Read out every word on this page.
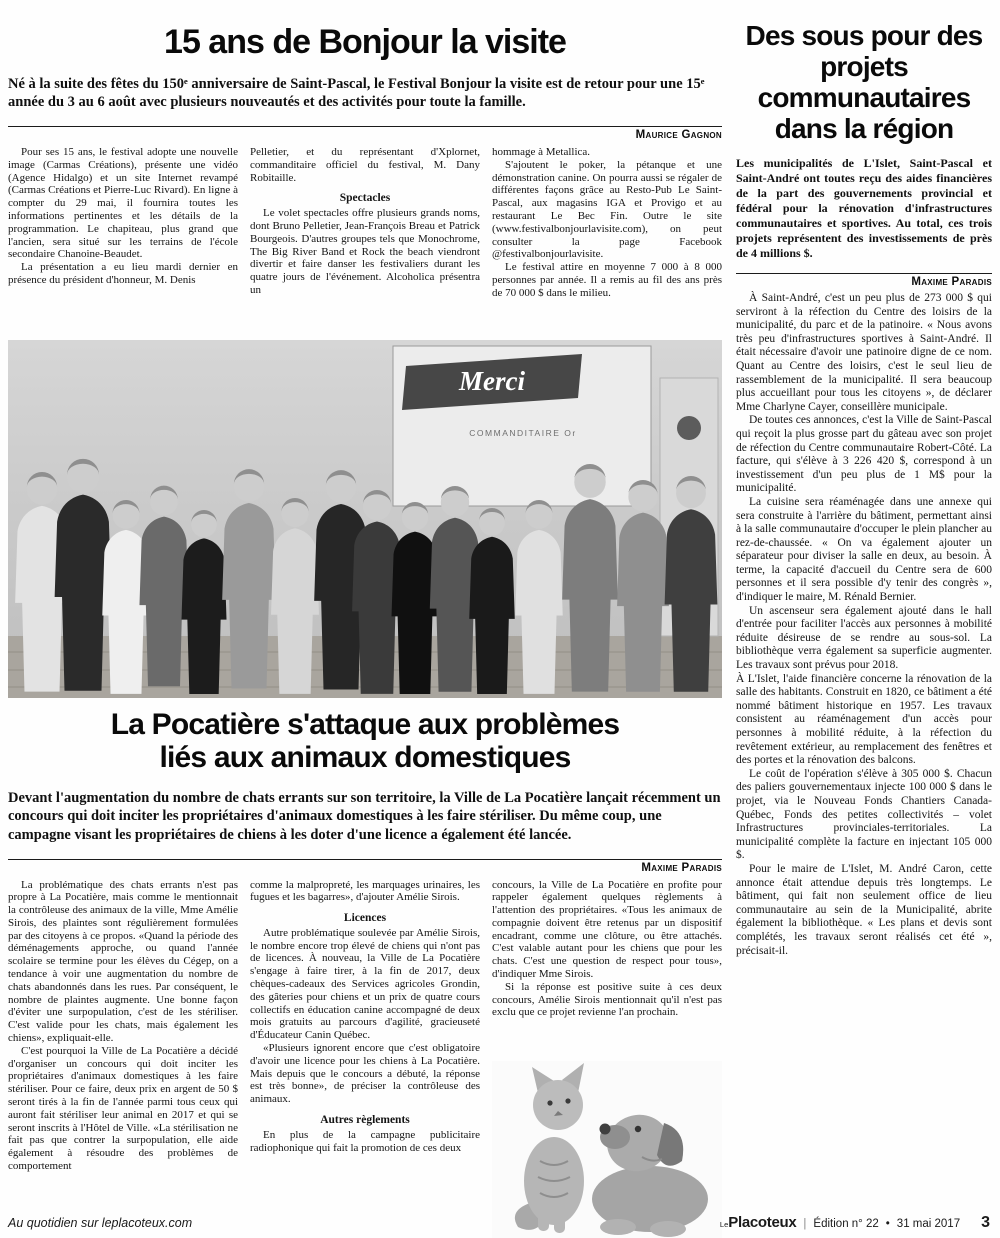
15 ans de Bonjour la visite

Né à la suite des fêtes du 150ᵉ anniversaire de Saint-Pascal, le Festival Bonjour la visite est de retour pour une 15ᵉ année du 3 au 6 août avec plusieurs nouveautés et des activités pour toute la famille.

Maurice Gagnon

Pour ses 15 ans, le festival adopte une nouvelle image (Carmas Créations), présente une vidéo (Agence Hidalgo) et un site Internet revampé (Carmas Créations et Pierre-Luc Rivard). En ligne à compter du 29 mai, il fournira toutes les informations pertinentes et les détails de la programmation. Le chapiteau, plus grand que l'ancien, sera situé sur les terrains de l'école secondaire Chanoine-Beaudet.

La présentation a eu lieu mardi dernier en présence du président d'honneur, M. Denis

Pelletier, et du représentant d'Xplornet, commanditaire officiel du festival, M. Dany Robitaille.

Spectacles

Le volet spectacles offre plusieurs grands noms, dont Bruno Pelletier, Jean-François Breau et Patrick Bourgeois. D'autres groupes tels que Monochrome, The Big River Band et Rock the beach viendront divertir et faire danser les festivaliers durant les quatre jours de l'événement. Alcoholica présentra un

hommage à Metallica.

S'ajoutent le poker, la pétanque et une démonstration canine. On pourra aussi se régaler de différentes façons grâce au Resto-Pub Le Saint-Pascal, aux magasins IGA et Provigo et au restaurant Le Bec Fin. Outre le site (www.festivalbonjourlavisite.com), on peut consulter la page Facebook @festivalbonjourlavisite.

Le festival attire en moyenne 7 000 à 8 000 personnes par année. Il a remis au fil des ans près de 70 000 $ dans le milieu.

Merci
COMMANDITAIRE Or
La Pocatière s'attaque aux problèmes
liés aux animaux domestiques

Devant l'augmentation du nombre de chats errants sur son territoire, la Ville de La Pocatière lançait récemment un concours qui doit inciter les propriétaires d'animaux domestiques à les faire stériliser. Du même coup, une campagne visant les propriétaires de chiens à les doter d'une licence a également été lancée.

Maxime Paradis

La problématique des chats errants n'est pas propre à La Pocatière, mais comme le mentionnait la contrôleuse des animaux de la ville, Mme Amélie Sirois, des plaintes sont régulièrement formulées par des citoyens à ce propos. «Quand la période des déménagements approche, ou quand l'année scolaire se termine pour les élèves du Cégep, on a tendance à voir une augmentation du nombre de chats abandonnés dans les rues. Par conséquent, le nombre de plaintes augmente. Une bonne façon d'éviter une surpopulation, c'est de les stériliser. C'est valide pour les chats, mais également les chiens», expliquait-elle.

C'est pourquoi la Ville de La Pocatière a décidé d'organiser un concours qui doit inciter les propriétaires d'animaux domestiques à les faire stériliser. Pour ce faire, deux prix en argent de 50 $ seront tirés à la fin de l'année parmi tous ceux qui auront fait stériliser leur animal en 2017 et qui se seront inscrits à l'Hôtel de Ville. «La stérilisation ne fait pas que contrer la surpopulation, elle aide également à résoudre des problèmes de comportement

comme la malpropreté, les marquages urinaires, les fugues et les bagarres», d'ajouter Amélie Sirois.

Licences

Autre problématique soulevée par Amélie Sirois, le nombre encore trop élevé de chiens qui n'ont pas de licences. À nouveau, la Ville de La Pocatière s'engage à faire tirer, à la fin de 2017, deux chèques-cadeaux des Services agricoles Grondin, des gâteries pour chiens et un prix de quatre cours collectifs en éducation canine accompagné de deux mois gratuits au parcours d'agilité, gracieuseté d'Éducateur Canin Québec.

«Plusieurs ignorent encore que c'est obligatoire d'avoir une licence pour les chiens à La Pocatière. Mais depuis que le concours a débuté, la réponse est très bonne», de préciser la contrôleuse des animaux.

Autres règlements

En plus de la campagne publicitaire radiophonique qui fait la promotion de ces deux

concours, la Ville de La Pocatière en profite pour rappeler également quelques règlements à l'attention des propriétaires. «Tous les animaux de compagnie doivent être retenus par un dispositif encadrant, comme une clôture, ou être attachés. C'est valable autant pour les chiens que pour les chats. C'est une question de respect pour tous», d'indiquer Mme Sirois.

Si la réponse est positive suite à ces deux concours, Amélie Sirois mentionnait qu'il n'est pas exclu que ce projet revienne l'an prochain.

Des sous pour des projets communautaires dans la région

Les municipalités de L'Islet, Saint-Pascal et Saint-André ont toutes reçu des aides financières de la part des gouvernements provincial et fédéral pour la rénovation d'infrastructures communautaires et sportives. Au total, ces trois projets représentent des investissements de près de 4 millions $.

Maxime Paradis

À Saint-André, c'est un peu plus de 273 000 $ qui serviront à la réfection du Centre des loisirs de la municipalité, du parc et de la patinoire. « Nous avons très peu d'infrastructures sportives à Saint-André. Il était nécessaire d'avoir une patinoire digne de ce nom. Quant au Centre des loisirs, c'est le seul lieu de rassemblement de la municipalité. Il sera beaucoup plus accueillant pour tous les citoyens », de déclarer Mme Charlyne Cayer, conseillère municipale.

De toutes ces annonces, c'est la Ville de Saint-Pascal qui reçoit la plus grosse part du gâteau avec son projet de réfection du Centre communautaire Robert-Côté. La facture, qui s'élève à 3 226 420 $, correspond à un investissement d'un peu plus de 1 M$ pour la municipalité.

La cuisine sera réaménagée dans une annexe qui sera construite à l'arrière du bâtiment, permettant ainsi à la salle communautaire d'occuper le plein plancher au rez-de-chaussée. « On va également ajouter un séparateur pour diviser la salle en deux, au besoin. À terme, la capacité d'accueil du Centre sera de 600 personnes et il sera possible d'y tenir des congrès », d'indiquer le maire, M. Rénald Bernier.

Un ascenseur sera également ajouté dans le hall d'entrée pour faciliter l'accès aux personnes à mobilité réduite désireuse de se rendre au sous-sol. La bibliothèque verra également sa superficie augmenter. Les travaux sont prévus pour 2018.

À L'Islet, l'aide financière concerne la rénovation de la salle des habitants. Construit en 1820, ce bâtiment a été nommé bâtiment historique en 1957. Les travaux consistent au réaménagement d'un accès pour personnes à mobilité réduite, à la réfection du revêtement extérieur, au remplacement des fenêtres et des portes et la rénovation des balcons.

Le coût de l'opération s'élève à 305 000 $. Chacun des paliers gouvernementaux injecte 100 000 $ dans le projet, via le Nouveau Fonds Chantiers Canada-Québec, Fonds des petites collectivités – volet Infrastructures provinciales-territoriales. La municipalité complète la facture en injectant 105 000 $.

Pour le maire de L'Islet, M. André Caron, cette annonce était attendue depuis très longtemps. Le bâtiment, qui fait non seulement office de lieu communautaire au sein de la Municipalité, abrite également la bibliothèque. « Les plans et devis sont complétés, les travaux seront réalisés cet été », précisait-il.

Au quotidien sur leplacoteux.com	LePlacoteux | Édition n° 22 • 31 mai 2017 3
